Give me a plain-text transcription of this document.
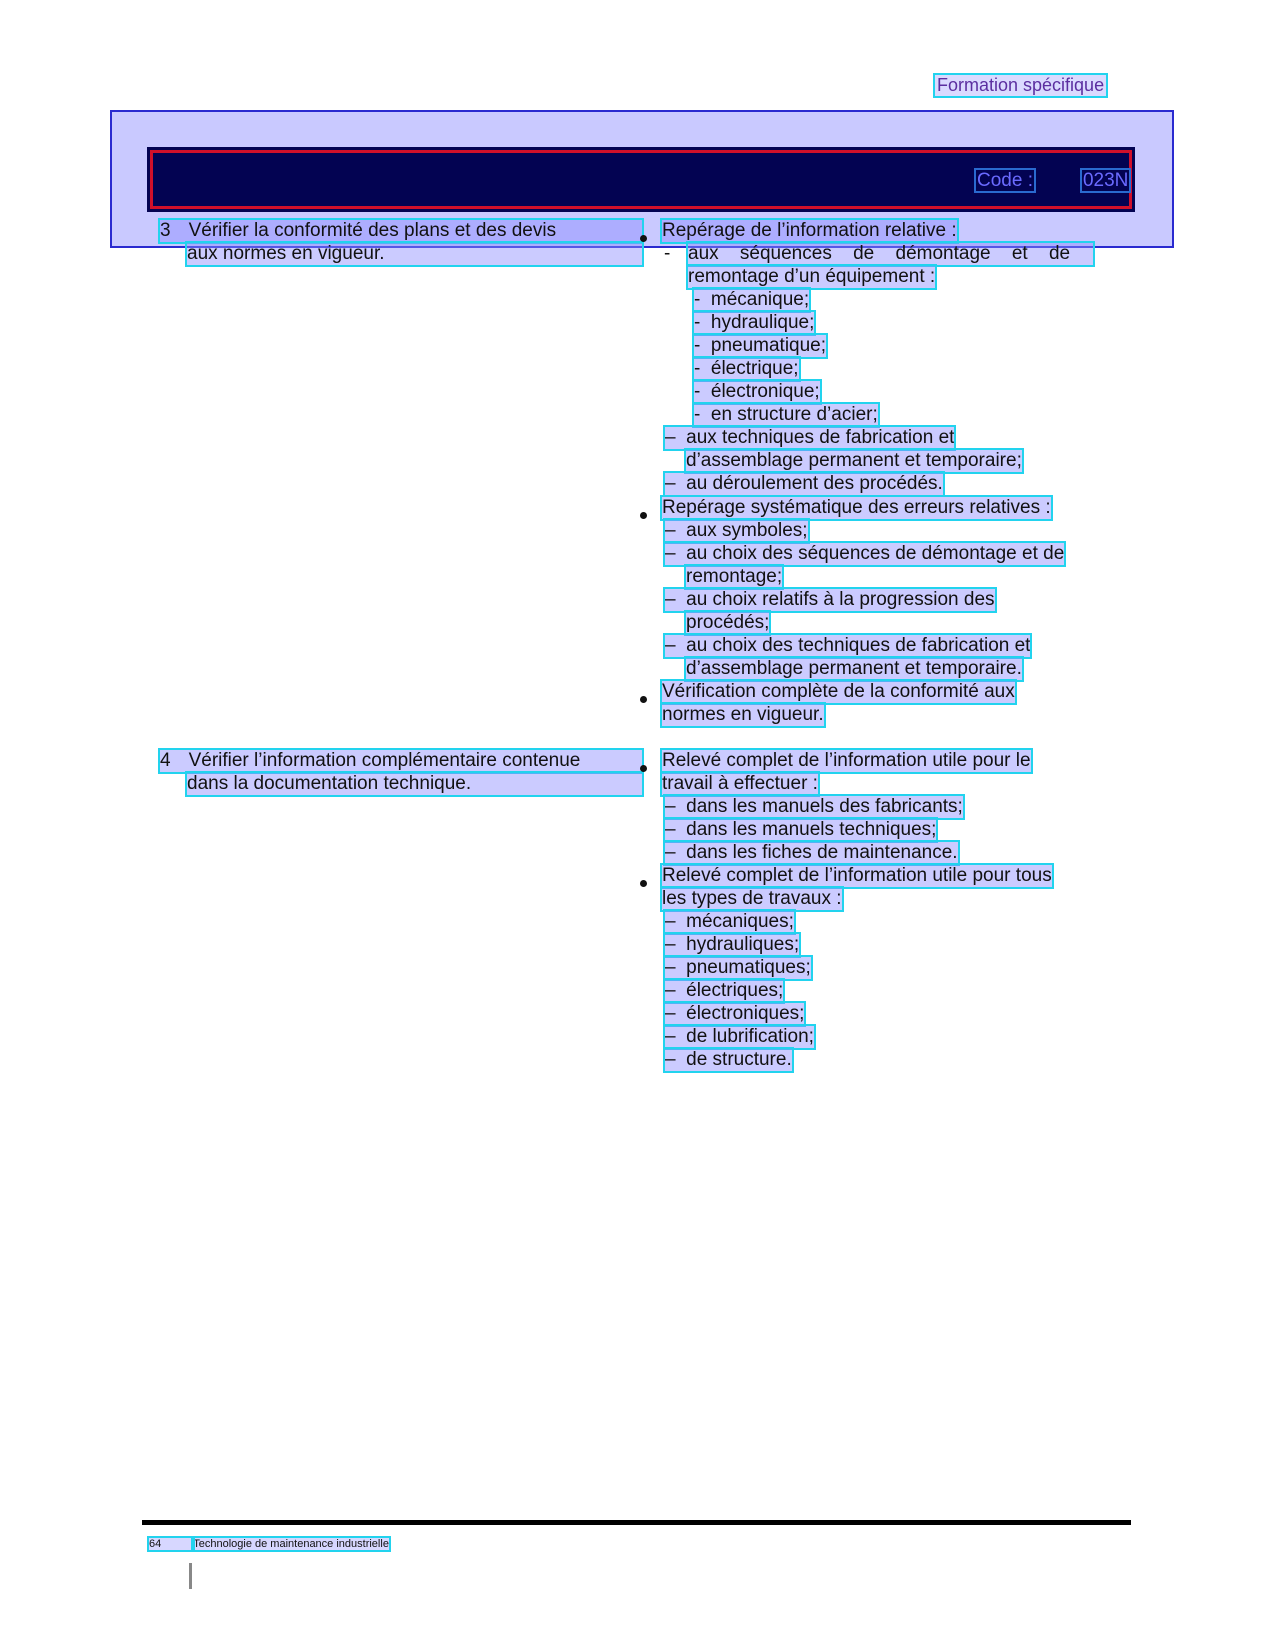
Formation spécifique
Code :	023N
3 Vérifier la conformité des plans et des devis
aux normes en vigueur.
Repérage de l’information relative :
- aux séquences de démontage et de
remontage d’un équipement :
-  mécanique;
-  hydraulique;
-  pneumatique;
-  électrique;
-  électronique;
-  en structure d’acier;
–  aux techniques de fabrication et
d’assemblage permanent et temporaire;
–  au déroulement des procédés.
Repérage systématique des erreurs relatives :
–  aux symboles;
–  au choix des séquences de démontage et de
remontage;
–  au choix relatifs à la progression des
procédés;
–  au choix des techniques de fabrication et
d’assemblage permanent et temporaire.
Vérification complète de la conformité aux
normes en vigueur.
4 Vérifier l’information complémentaire contenue
dans la documentation technique.
Relevé complet de l’information utile pour le
travail à effectuer :
–  dans les manuels des fabricants;
–  dans les manuels techniques;
–  dans les fiches de maintenance.
Relevé complet de l’information utile pour tous
les types de travaux :
–  mécaniques;
–  hydrauliques;
–  pneumatiques;
–  électriques;
–  électroniques;
–  de lubrification;
–  de structure.
64	Technologie de maintenance industrielle
